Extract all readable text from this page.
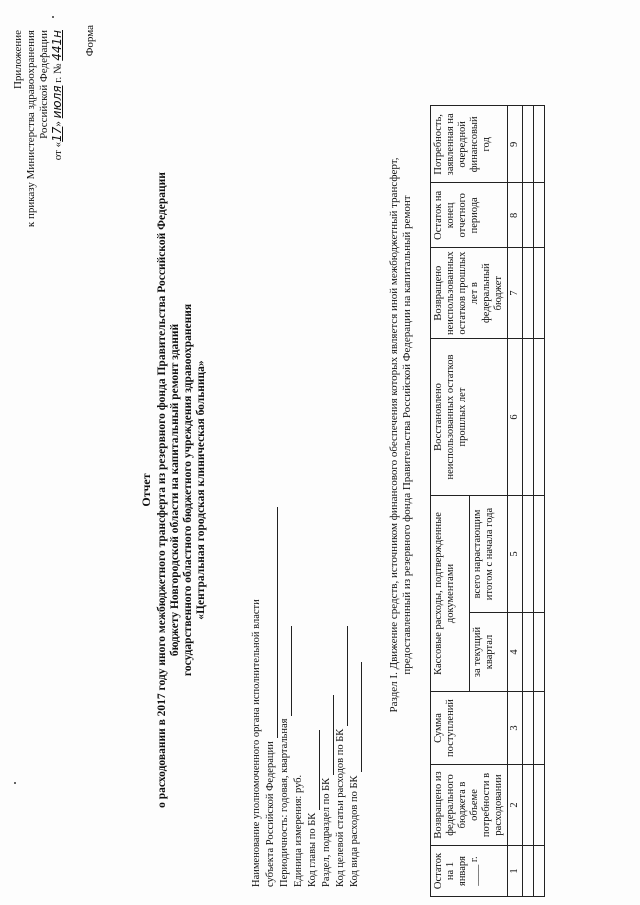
Приложение к приказу Министерства здравоохранения Российской Федерации
от «17» июля г. № 441н Форма
Отчет о расходовании в 2017 году иного межбюджетного трансферта из резервного фонда Правительства Российской Федерации бюджету Новгородской области на капитальный ремонт зданий государственного областного бюджетного учреждения здравоохранения «Центральная городская клиническая больница»
Наименование уполномоченного органа исполнительной власти субъекта Российской Федерации Периодичность: годовая, квартальная Единица измерения: руб. Код главы по БК Раздел, подраздел по БК Код целевой статьи расходов по БК Код вида расходов по БК
Раздел I. Движение средств, источником финансового обеспечения которых является иной межбюджетный трансферт, предоставленный из резервного фонда Правительства Российской Федерации на капитальный ремонт
Остаток на 1 января ____ г.	Возвращено из федерального бюджета в объеме потребности в расходовании	Сумма поступлений	Кассовые расходы, подтвержденные документами		Восстановлено неиспользованных остатков прошлых лет	Возвращено неиспользованных остатков прошлых лет в федеральный бюджет	Остаток на конец отчетного периода	Потребность, заявленная на очередной финансовый год
			за текущий квартал	всего нарастающим итогом с начала года				
1	2	3	4	5	6	7	8	9
